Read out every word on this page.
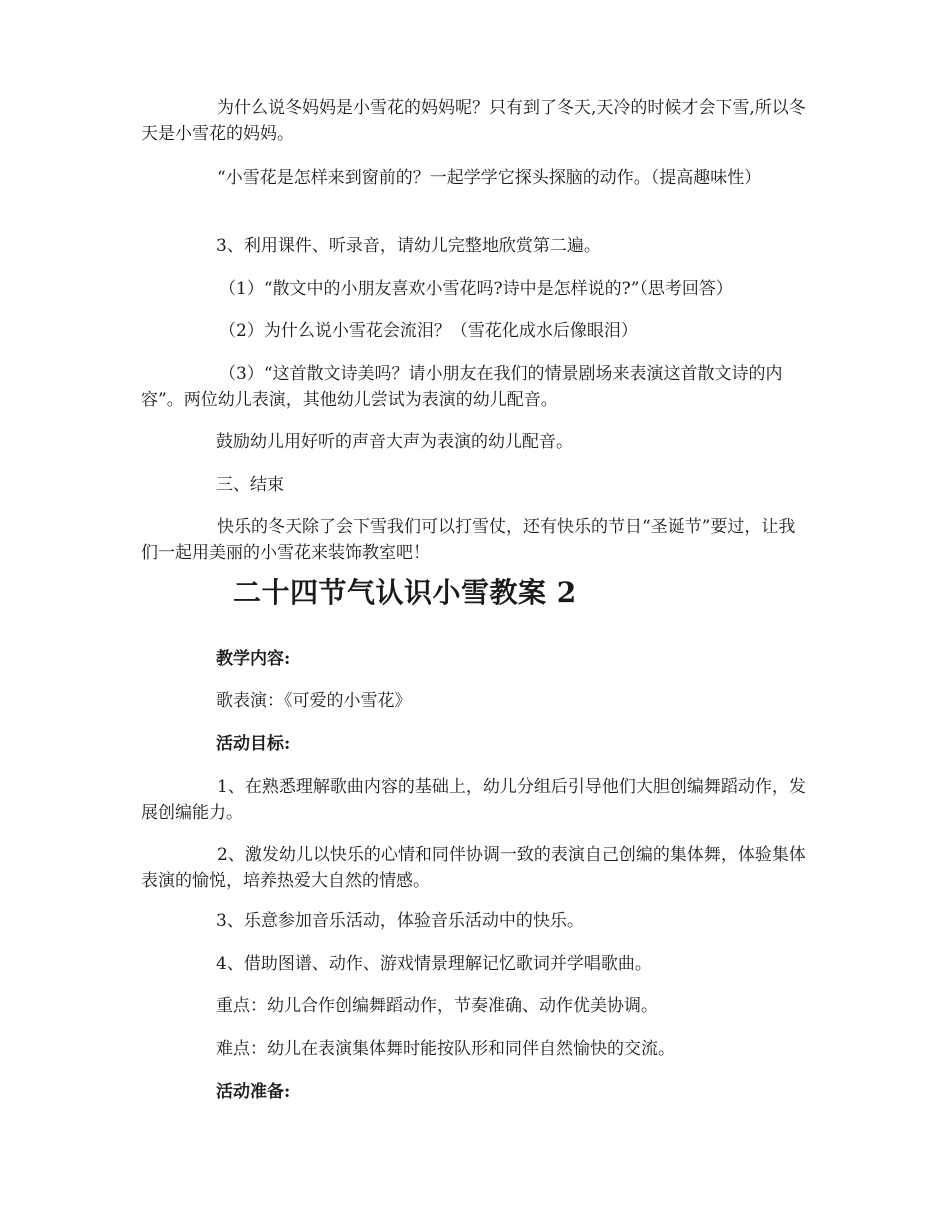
为什么说冬妈妈是小雪花的妈妈呢？只有到了冬天,天冷的时候才会下雪,所以冬天是小雪花的妈妈。

“小雪花是怎样来到窗前的？一起学学它探头探脑的动作。（提高趣味性）

3、利用课件、听录音，请幼儿完整地欣赏第二遍。

（1）“散文中的小朋友喜欢小雪花吗?诗中是怎样说的?”（思考回答）

（2）为什么说小雪花会流泪？（雪花化成水后像眼泪）

（3）“这首散文诗美吗？请小朋友在我们的情景剧场来表演这首散文诗的内容”。两位幼儿表演，其他幼儿尝试为表演的幼儿配音。

鼓励幼儿用好听的声音大声为表演的幼儿配音。

三、结束

快乐的冬天除了会下雪我们可以打雪仗，还有快乐的节日“圣诞节”要过，让我们一起用美丽的小雪花来装饰教室吧！

二十四节气认识小雪教案 2

教学内容:

歌表演：《可爱的小雪花》

活动目标:

1、在熟悉理解歌曲内容的基础上，幼儿分组后引导他们大胆创编舞蹈动作，发展创编能力。

2、激发幼儿以快乐的心情和同伴协调一致的表演自己创编的集体舞，体验集体表演的愉悦，培养热爱大自然的情感。

3、乐意参加音乐活动，体验音乐活动中的快乐。

4、借助图谱、动作、游戏情景理解记忆歌词并学唱歌曲。

重点：幼儿合作创编舞蹈动作，节奏准确、动作优美协调。

难点：幼儿在表演集体舞时能按队形和同伴自然愉快的交流。

活动准备:
